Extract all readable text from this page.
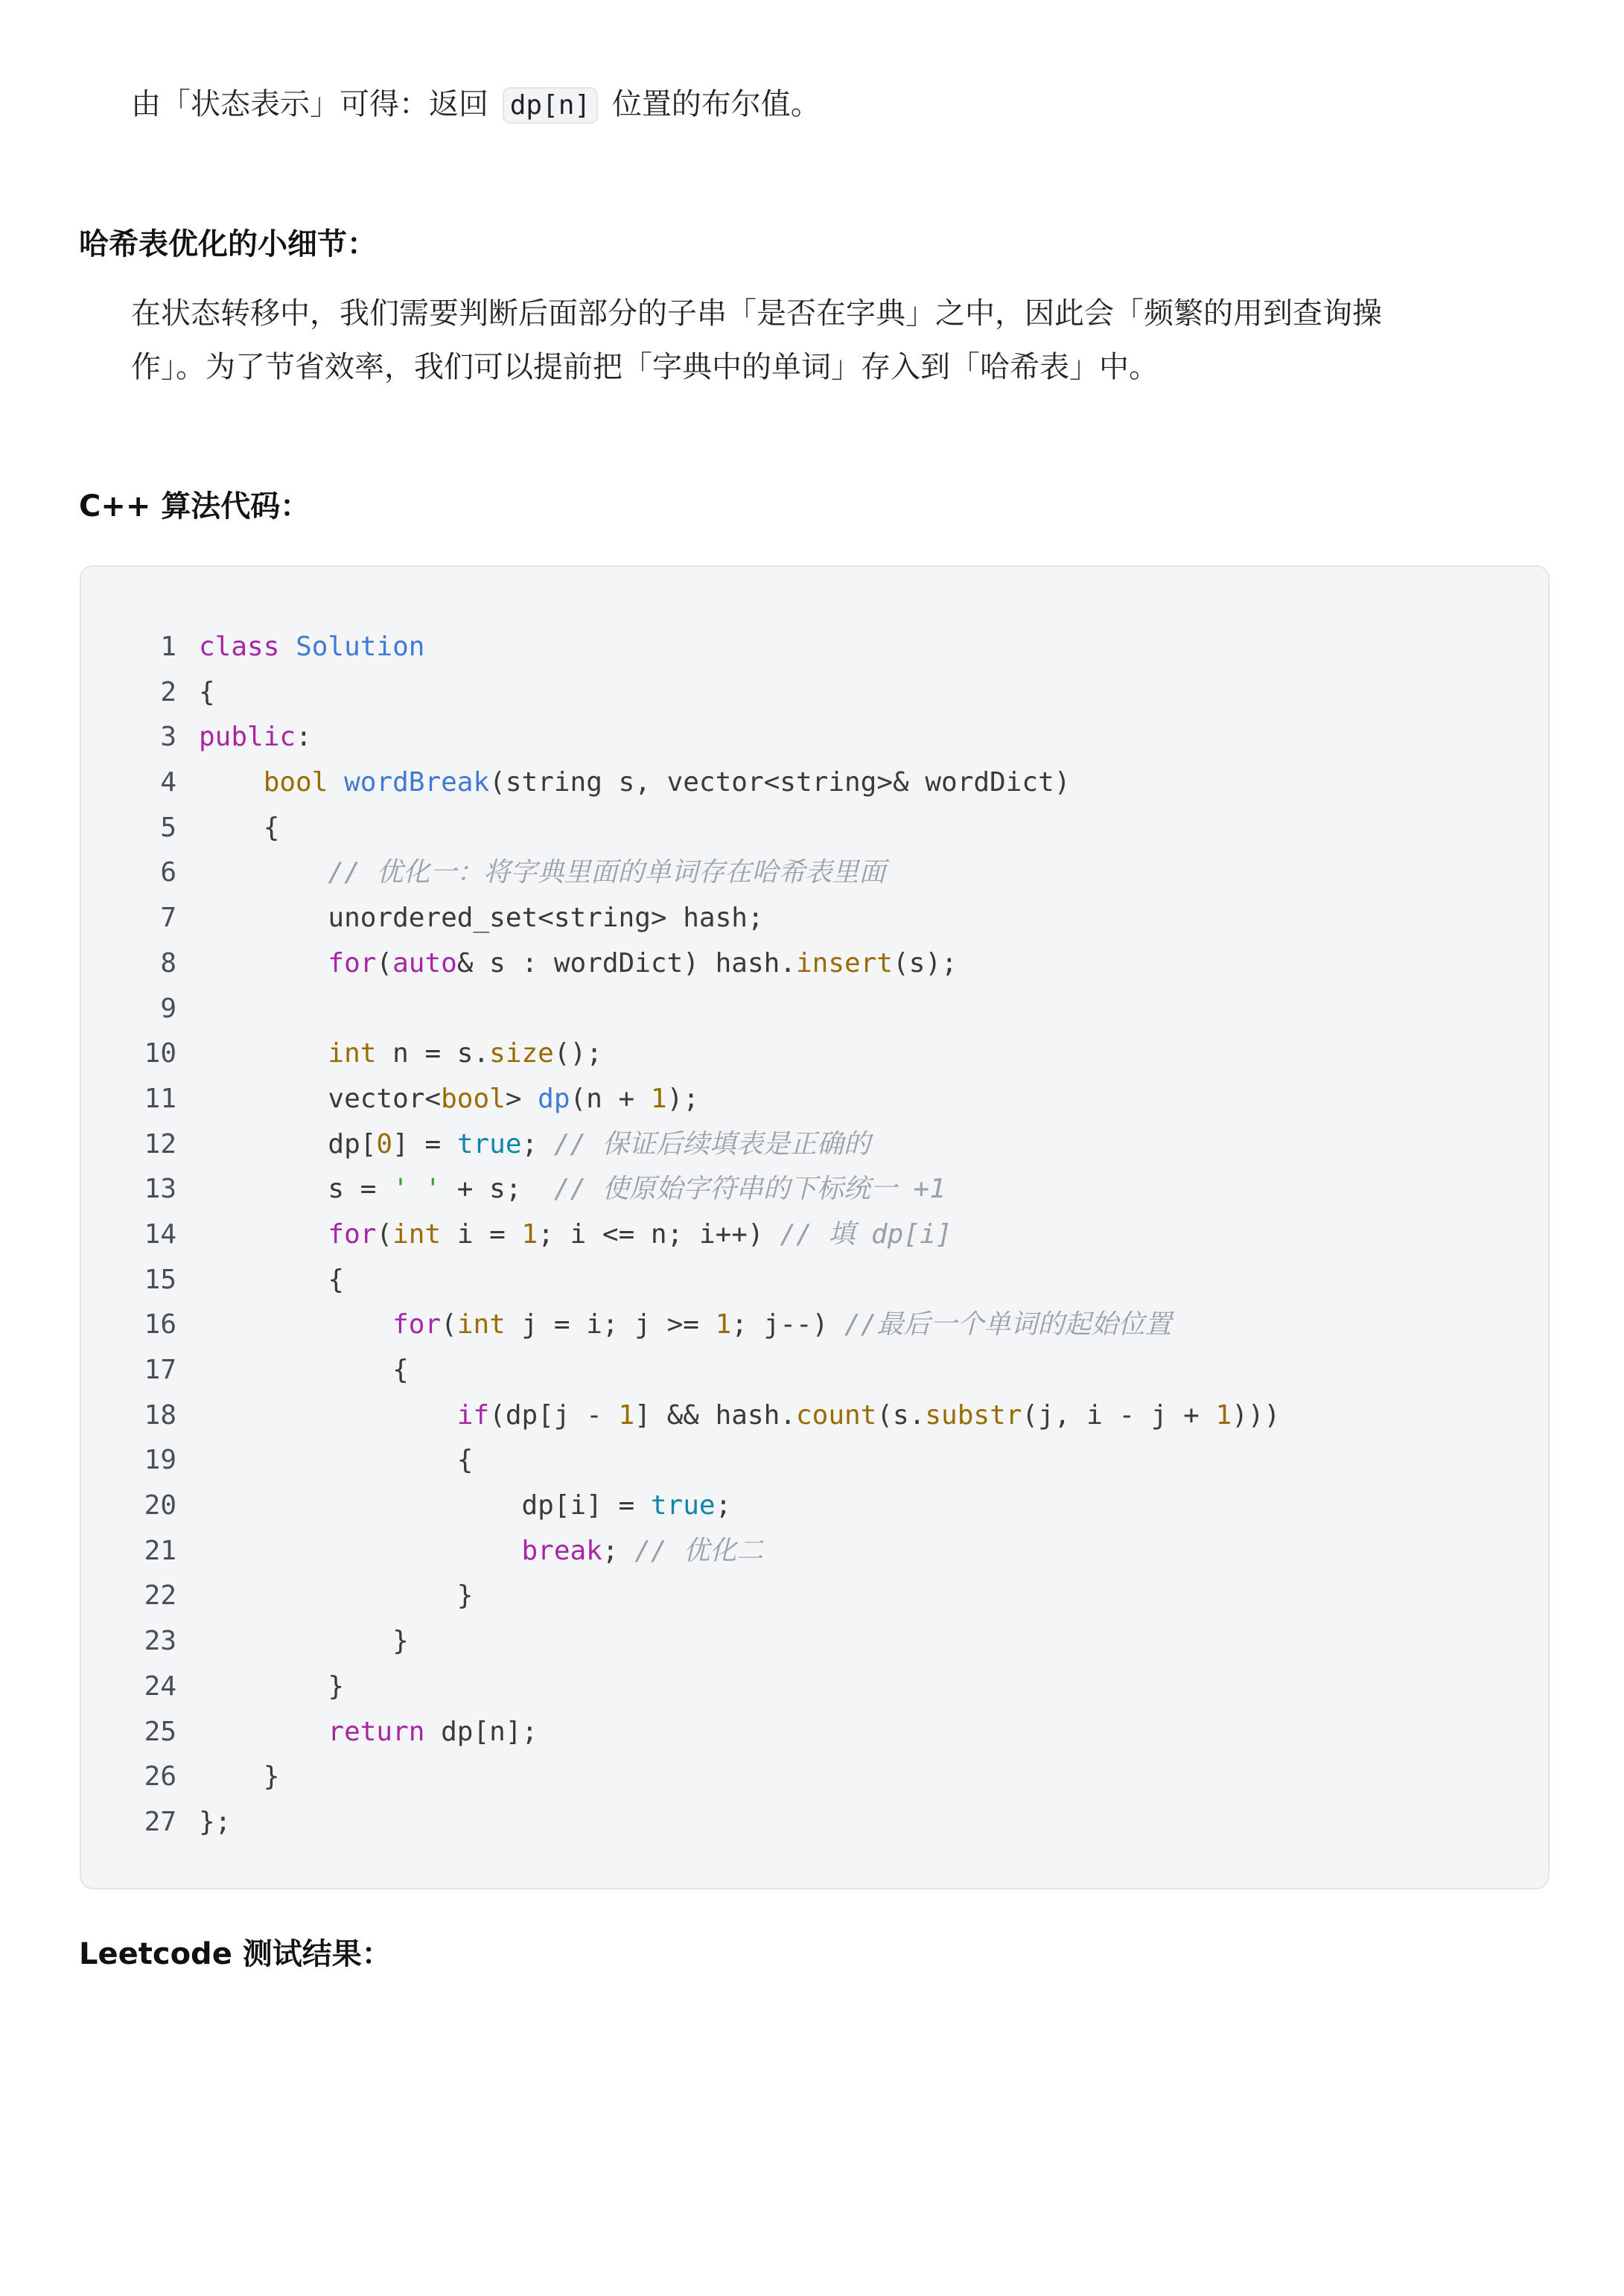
由「状态表示」可得：返回 dp[n] 位置的布尔值。
哈希表优化的小细节：
在状态转移中，我们需要判断后面部分的子串「是否在字典」之中，因此会「频繁的用到查询操
作」。为了节省效率，我们可以提前把「字典中的单词」存入到「哈希表」中。
C++ 算法代码：
1 class Solution
2 {
3 public:
4	bool wordBreak(string s, vector<string>& wordDict)
5 {
6	// 优化一：将字典里面的单词存在哈希表里面
7 unordered_set<string> hash;
8	for(auto& s : wordDict) hash.insert(s);
9
10	int n = s.size();
11 vector<bool> dp(n + 1);
12 dp[0] = true; // 保证后续填表是正确的
13 s = ' ' + s;  // 使原始字符串的下标统一 +1
14	for(int i = 1; i <= n; i++) // 填 dp[i]
15 {
16	for(int j = i; j >= 1; j--) //最后一个单词的起始位置
17 {
18	if(dp[j - 1] && hash.count(s.substr(j, i - j + 1)))
19 {
20 dp[i] = true;
21	break; // 优化二
22 }
23 }
24 }
25	return dp[n];
26 }
27 };
Leetcode 测试结果：
